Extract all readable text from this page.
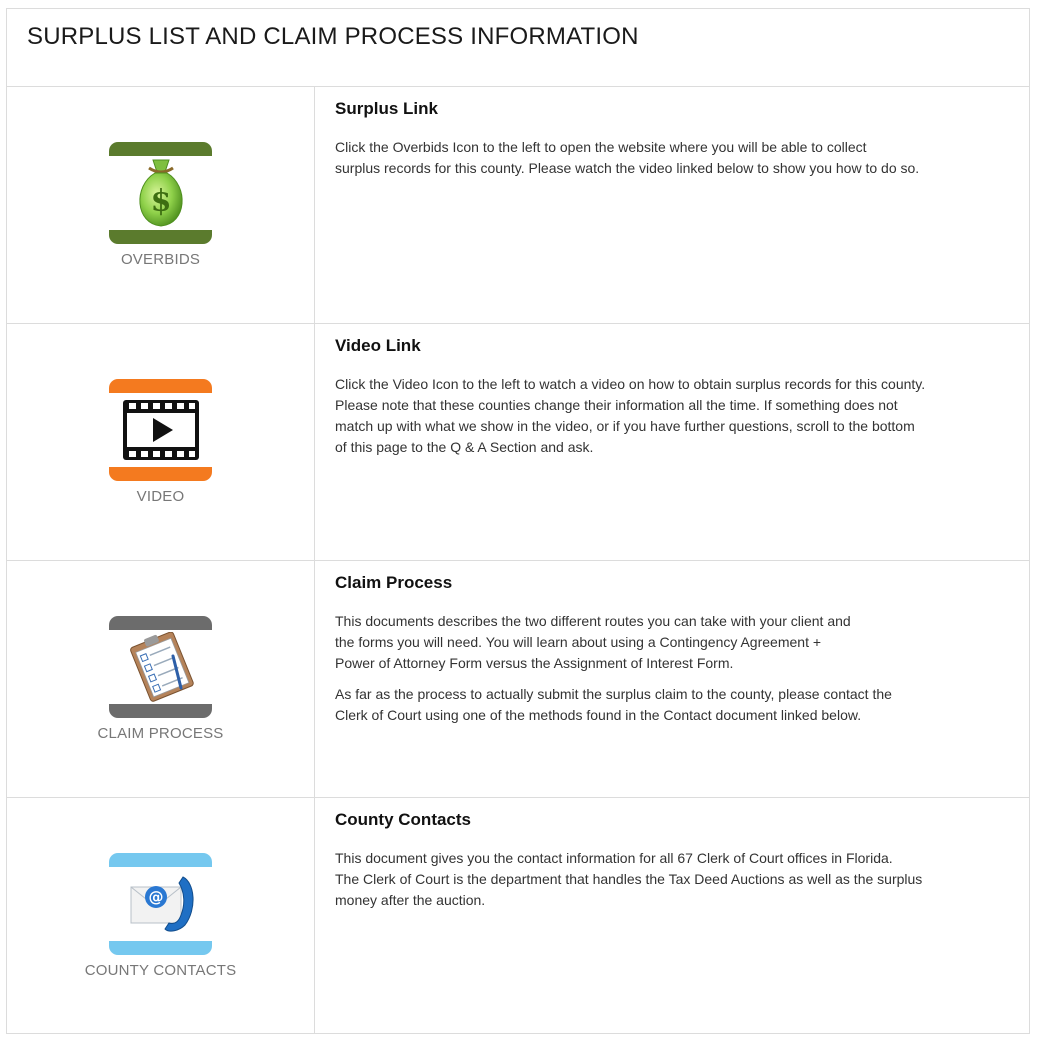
SURPLUS LIST AND CLAIM PROCESS INFORMATION
$
OVERBIDS
Surplus Link

Click the Overbids Icon to the left to open the website where you will be able to collect
surplus records for this county. Please watch the video linked below to show you how to do so.

VIDEO
Video Link

Click the Video Icon to the left to watch a video on how to obtain surplus records for this county.
Please note that these counties change their information all the time. If something does not
match up with what we show in the video, or if you have further questions, scroll to the bottom
of this page to the Q & A Section and ask.

CLAIM PROCESS
Claim Process

This documents describes the two different routes you can take with your client and
the forms you will need. You will learn about using a Contingency Agreement +
Power of Attorney Form versus the Assignment of Interest Form.

As far as the process to actually submit the surplus claim to the county, please contact the
Clerk of Court using one of the methods found in the Contact document linked below.

@
COUNTY CONTACTS
County Contacts

This document gives you the contact information for all 67 Clerk of Court offices in Florida.
The Clerk of Court is the department that handles the Tax Deed Auctions as well as the surplus
money after the auction.
